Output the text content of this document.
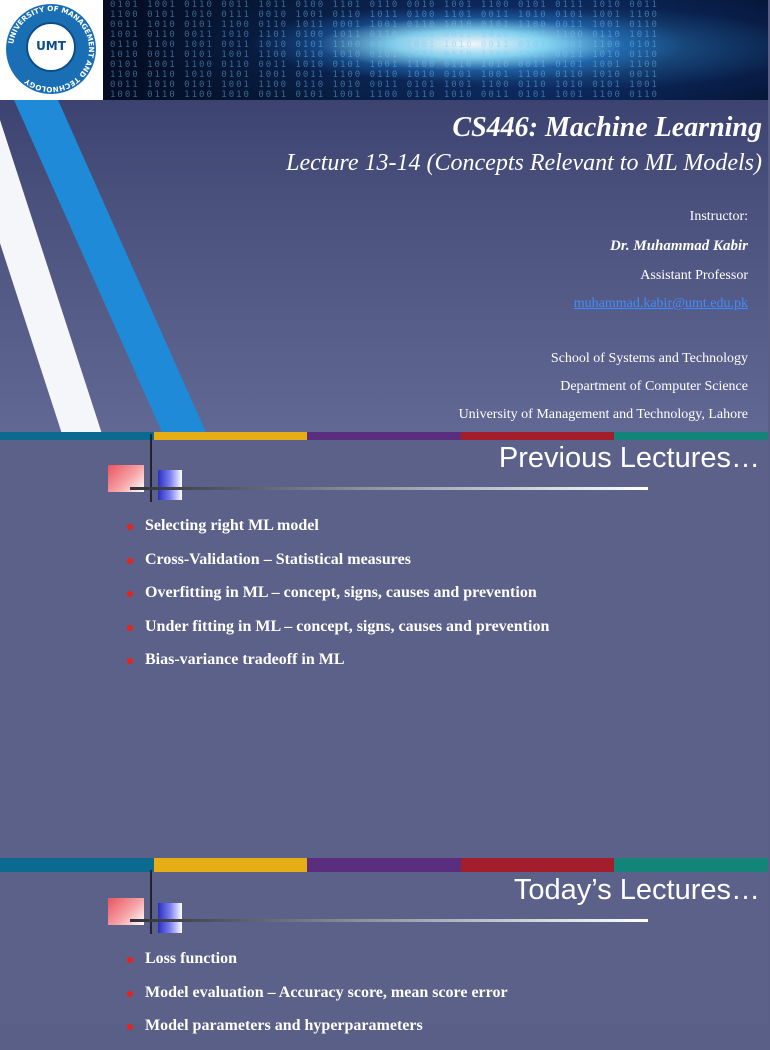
0101 1001 0110 0011 1011 0100 1101 0110 0010 1001 1100 0101 0111 1010 0011
1100 0101 1010 0111 0010 1001 0110 1011 0100 1101 0011 1010 0101 1001 1100
0011 1010 0101 1100 0110 1011 0001 1001 0110 1010 0101 1100 0011 1001 0110
1001 0110 0011 1010 1101 0100 1011 0110 1001 0011 1010 0101 1100 0110 1011
0110 1100 1001 0011 1010 0101 1100 0110 1001 1010 0011 0101 1001 1100 0101
1010 0011 0101 1001 1100 0110 1010 0101 1001 0110 1100 1001 0011 1010 0110
0101 1001 1100 0110 0011 1010 0101 1001 1100 0110 1010 0011 0101 1001 1100
1100 0110 1010 0101 1001 0011 1100 0110 1010 0101 1001 1100 0110 1010 0011
0011 1010 0101 1001 1100 0110 1010 0011 0101 1001 1100 0110 1010 0101 1001
1001 0110 1100 1010 0011 0101 1001 1100 0110 1010 0011 0101 1001 1100 0110
UNIVERSITY OF MANAGEMENT AND TECHNOLOGY
UMT
CS446: Machine Learning
Lecture 13-14 (Concepts Relevant to ML Models)
Instructor:
Dr. Muhammad Kabir
Assistant Professor
muhammad.kabir@umt.edu.pk
School of Systems and Technology
Department of Computer Science
University of Management and Technology, Lahore
Previous Lectures…
Selecting right ML model
Cross-Validation – Statistical measures
Overfitting in ML – concept, signs, causes and prevention
Under fitting in ML – concept, signs, causes and prevention
Bias-variance tradeoff in ML
Today’s Lectures…
Loss function
Model evaluation – Accuracy score, mean score error
Model parameters and hyperparameters
